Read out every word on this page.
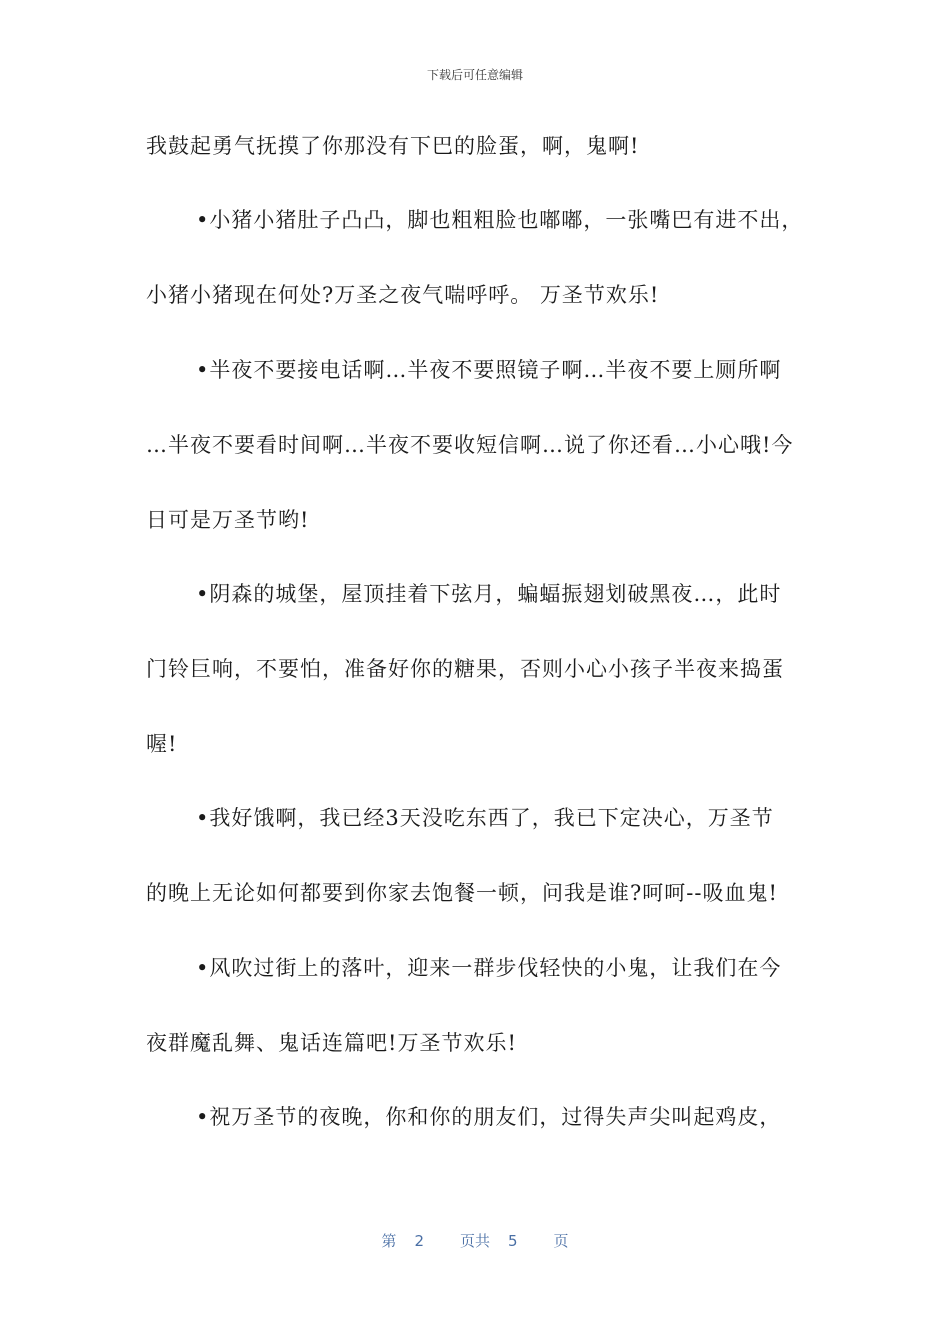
下载后可任意编辑
我鼓起勇气抚摸了你那没有下巴的脸蛋，啊，鬼啊!
•小猪小猪肚子凸凸，脚也粗粗脸也嘟嘟，一张嘴巴有进不出，
小猪小猪现在何处?万圣之夜气喘呼呼。 万圣节欢乐!
•半夜不要接电话啊…半夜不要照镜子啊…半夜不要上厕所啊
…半夜不要看时间啊…半夜不要收短信啊…说了你还看…小心哦!今
日可是万圣节哟!
•阴森的城堡，屋顶挂着下弦月，蝙蝠振翅划破黑夜…，此时
门铃巨响，不要怕，准备好你的糖果，否则小心小孩子半夜来捣蛋
喔!
•我好饿啊，我已经3天没吃东西了，我已下定决心，万圣节
的晚上无论如何都要到你家去饱餐一顿，问我是谁?呵呵--吸血鬼!
•风吹过街上的落叶，迎来一群步伐轻快的小鬼，让我们在今
夜群魔乱舞、鬼话连篇吧!万圣节欢乐!
•祝万圣节的夜晚，你和你的朋友们，过得失声尖叫起鸡皮，
第 2 页共 5 页
